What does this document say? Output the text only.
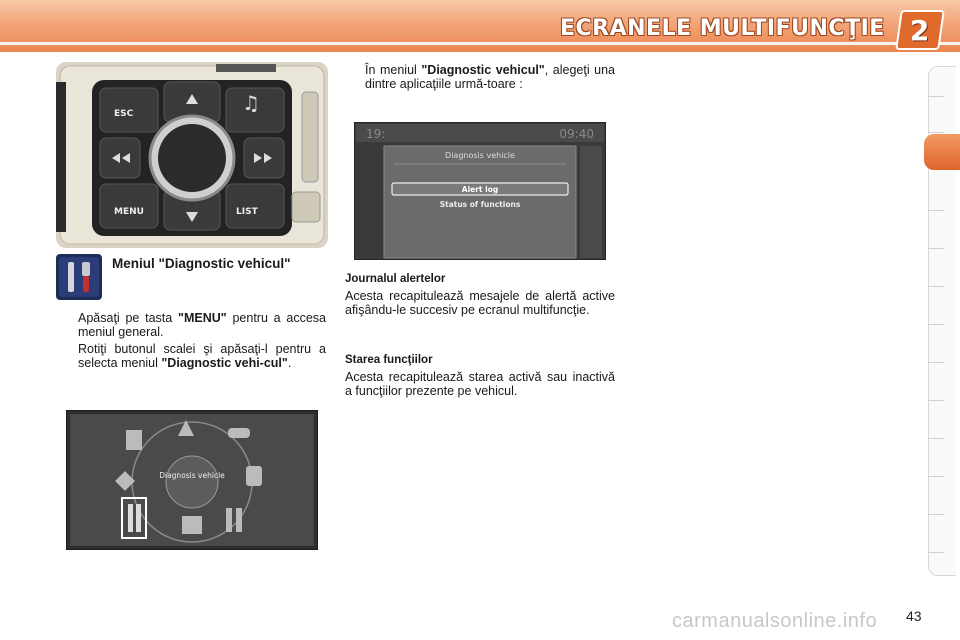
ECRANELE MULTIFUNCŢIE 2
♫
ESC
MENU	LIST
Meniul "Diagnostic vehicul"
Apăsaţi pe tasta "MENU" pentru a accesa meniul general.
Rotiţi butonul scalei şi apăsaţi-l pentru a selecta meniul "Diagnostic vehi-cul".
Diagnosis vehicle
În meniul "Diagnostic vehicul", alegeţi una dintre aplicaţiile urmă-toare :
19:	09:40
Diagnosis vehicle
Alert log
Status of functions
Journalul alertelor
Acesta recapitulează mesajele de alertă active afişându-le succesiv pe ecranul multifuncţie.
Starea funcţiilor
Acesta recapitulează starea activă sau inactivă a funcţiilor prezente pe vehicul.
carmanualsonline.info 43
